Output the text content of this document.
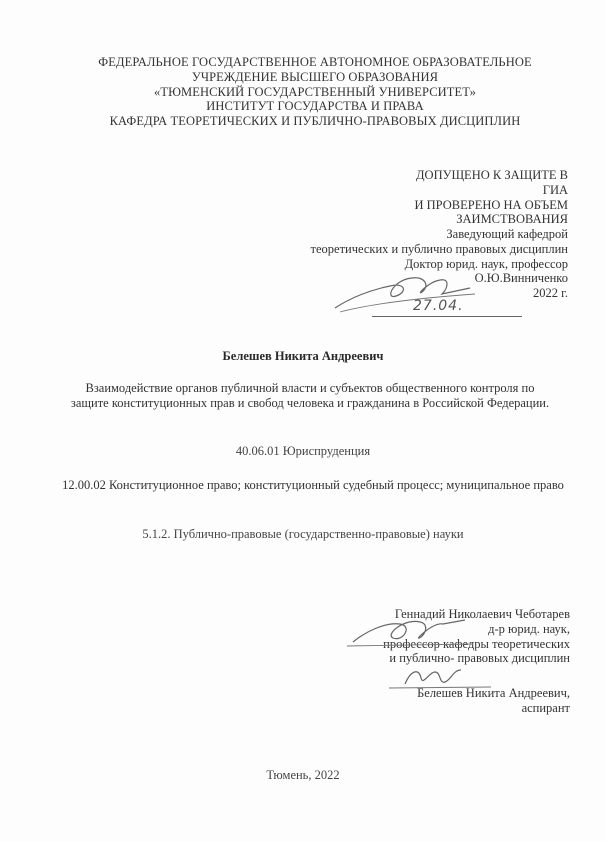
ФЕДЕРАЛЬНОЕ ГОСУДАРСТВЕННОЕ АВТОНОМНОЕ ОБРАЗОВАТЕЛЬНОЕ
УЧРЕЖДЕНИЕ ВЫСШЕГО ОБРАЗОВАНИЯ
«ТЮМЕНСКИЙ ГОСУДАРСТВЕННЫЙ УНИВЕРСИТЕТ»
ИНСТИТУТ ГОСУДАРСТВА И ПРАВА
КАФЕДРА ТЕОРЕТИЧЕСКИХ И ПУБЛИЧНО-ПРАВОВЫХ ДИСЦИПЛИН
ДОПУЩЕНО К ЗАЩИТЕ В
ГИА
И ПРОВЕРЕНО НА ОБЪЕМ
ЗАИМСТВОВАНИЯ
Заведующий кафедрой
теоретических и публично правовых дисциплин
Доктор юрид. наук, профессор
О.Ю.Винниченко
2022 г.
27.04.
Белешев Никита Андреевич
Взаимодействие органов публичной власти и субъектов общественного контроля по защите конституционных прав и свобод человека и гражданина в Российской Федерации.
40.06.01 Юриспруденция
12.00.02 Конституционное право; конституционный судебный процесс; муниципальное право
5.1.2. Публично-правовые (государственно-правовые) науки
Геннадий Николаевич Чеботарев
д-р юрид. наук,
профессор кафедры теоретических
и публично- правовых дисциплин
Белешев Никита Андреевич,
аспирант
Тюмень, 2022
